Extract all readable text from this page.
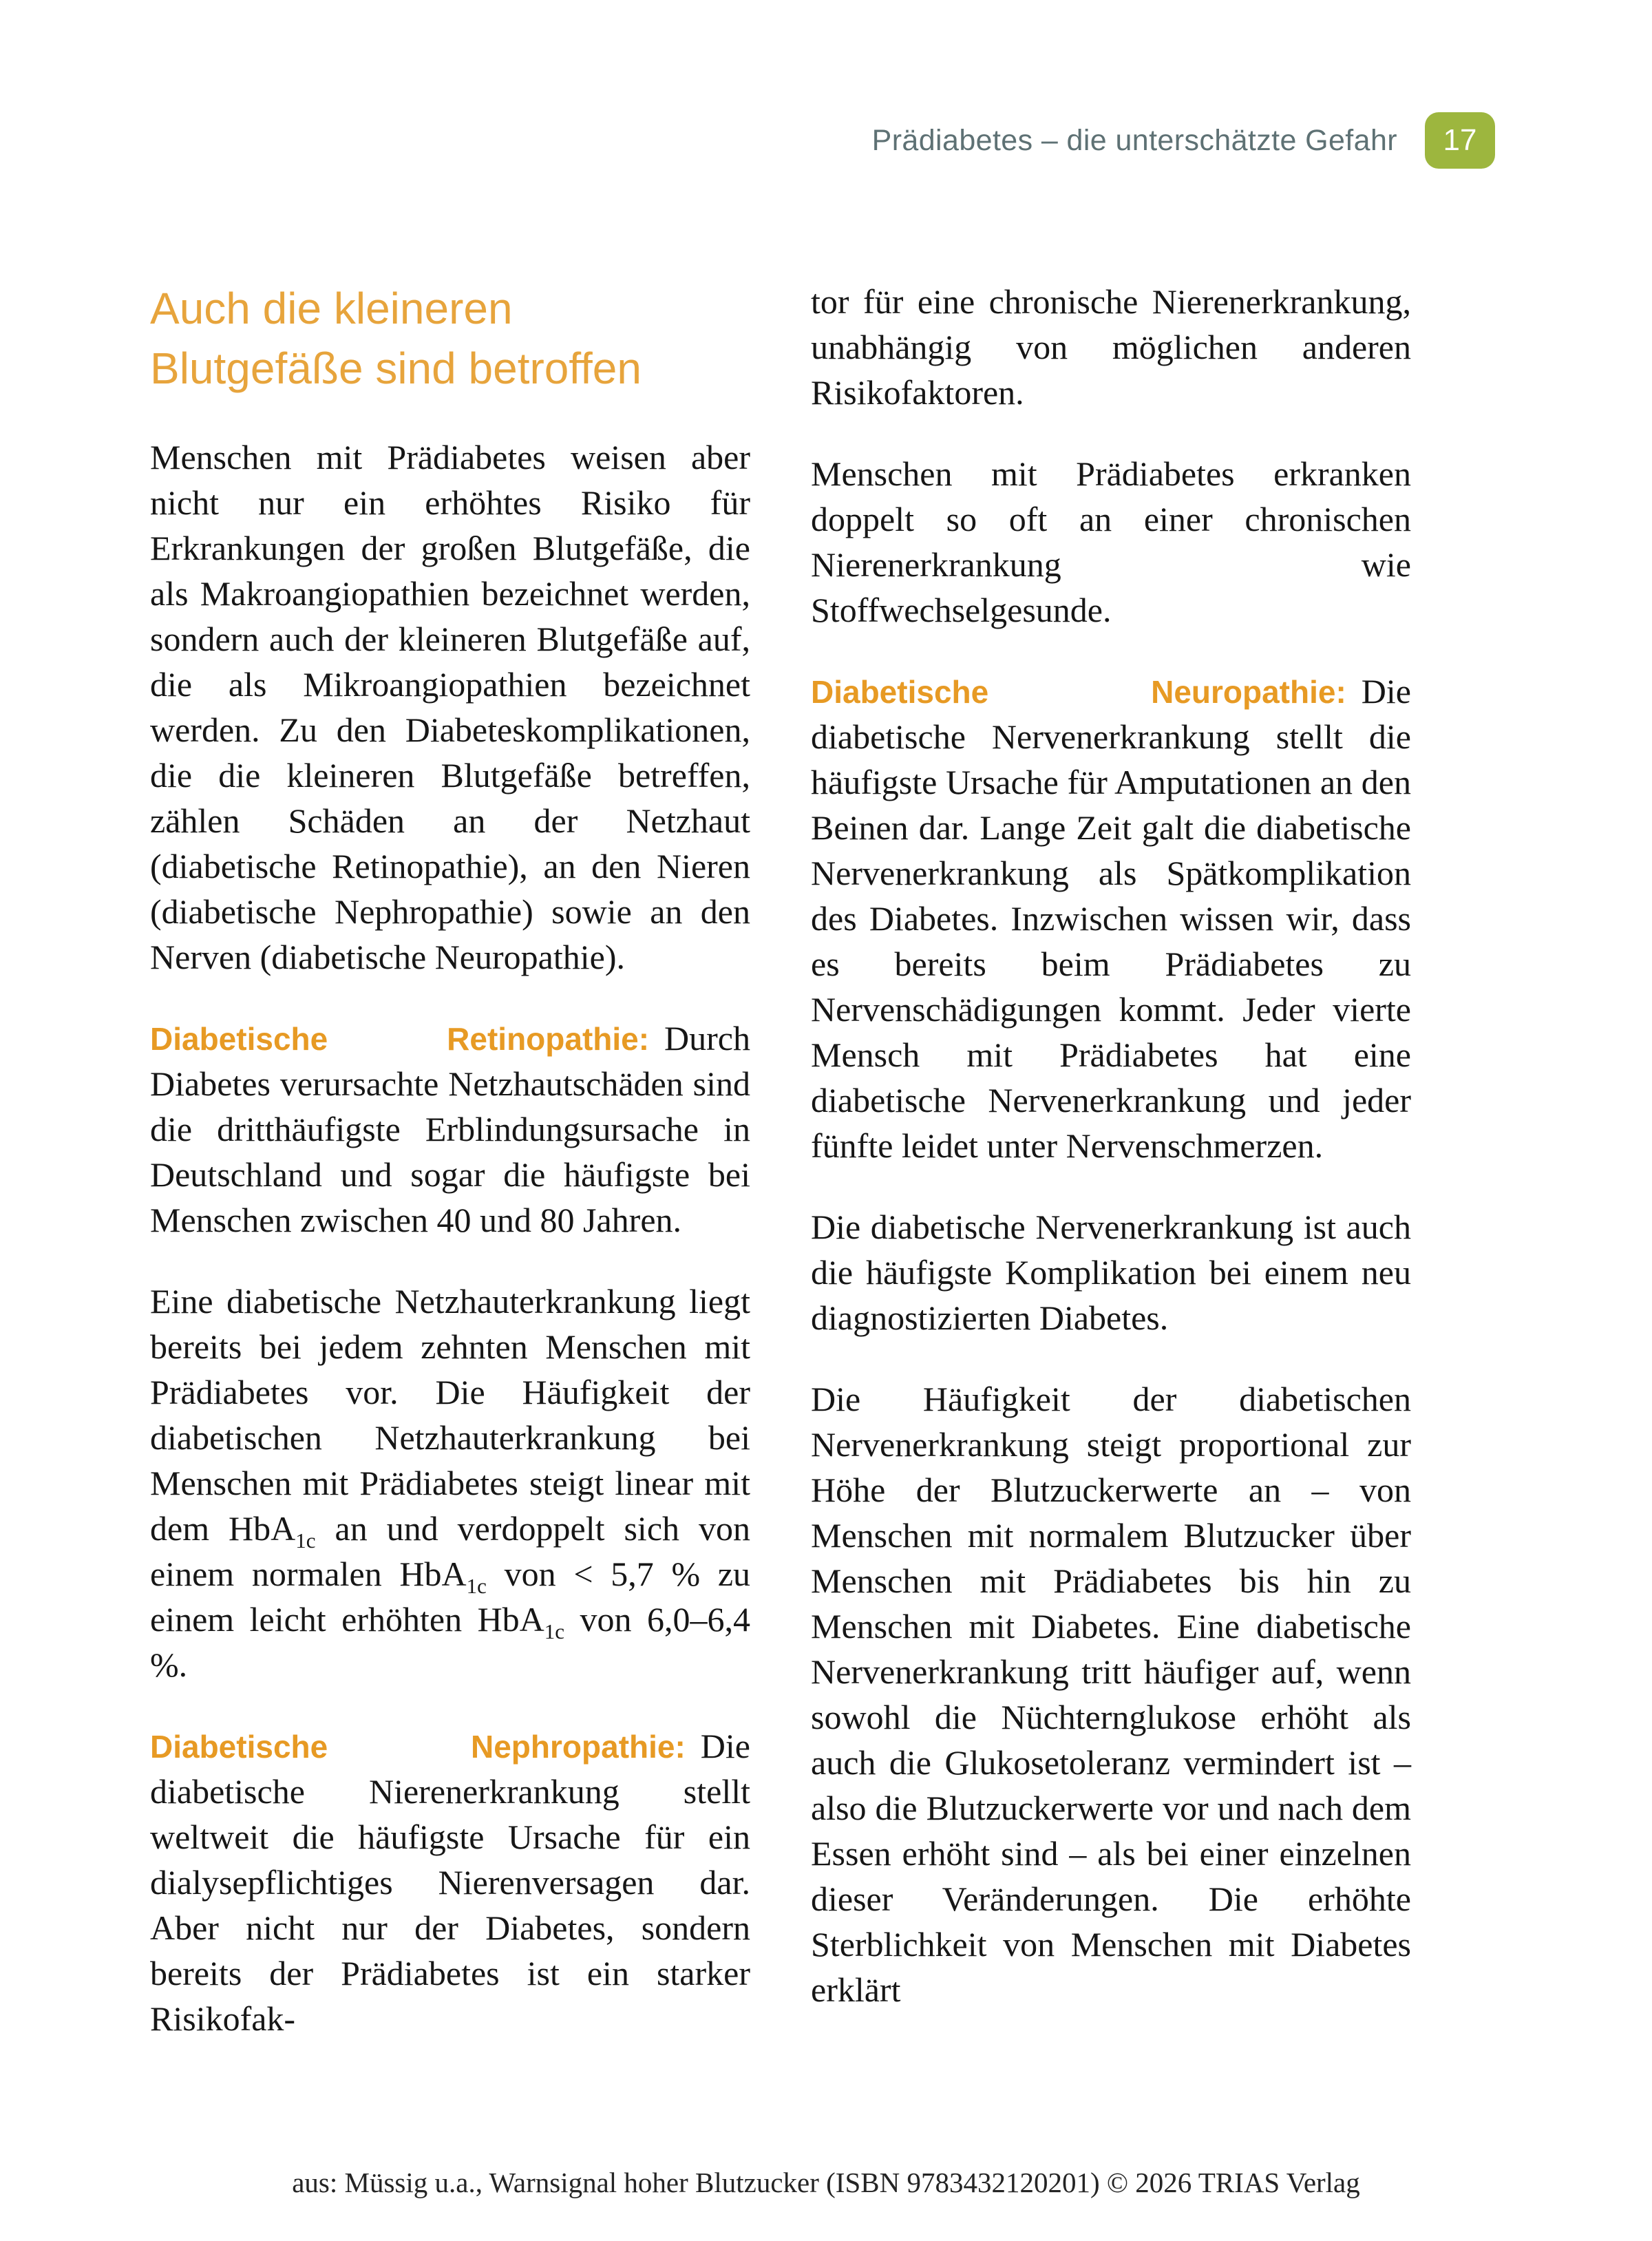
Prädiabetes – die unterschätzte Gefahr 17
Auch die kleineren
Blutgefäße sind betroffen

Menschen mit Prädiabetes weisen aber nicht nur ein erhöhtes Risiko für Erkrankungen der großen Blutgefäße, die als Makroangiopathien bezeichnet werden, sondern auch der kleineren Blutgefäße auf, die als Mikroangiopathien bezeichnet werden. Zu den Diabeteskomplikationen, die die kleineren Blutgefäße betreffen, zählen Schäden an der Netzhaut (diabetische Retinopathie), an den Nieren (diabetische Nephropathie) sowie an den Nerven (diabetische Neuropathie).

Diabetische Retinopathie: Durch Diabetes verursachte Netzhautschäden sind die dritthäufigste Erblindungsursache in Deutschland und sogar die häufigste bei Menschen zwischen 40 und 80 Jahren.

Eine diabetische Netzhauterkrankung liegt bereits bei jedem zehnten Menschen mit Prädiabetes vor. Die Häufigkeit der diabetischen Netzhauterkrankung bei Menschen mit Prädiabetes steigt linear mit dem HbA$_{1c}$ an und verdoppelt sich von einem normalen HbA$_{1c}$ von < 5,7 % zu einem leicht erhöhten HbA$_{1c}$ von 6,0–6,4 %.

Diabetische Nephropathie: Die diabetische Nierenerkrankung stellt weltweit die häufigste Ursache für ein dialysepflichtiges Nierenversagen dar. Aber nicht nur der Diabetes, sondern bereits der Prädiabetes ist ein starker Risikofak-

tor für eine chronische Nierenerkrankung, unabhängig von möglichen anderen Risikofaktoren.

Menschen mit Prädiabetes erkranken doppelt so oft an einer chronischen Nierenerkrankung wie Stoffwechselgesunde.

Diabetische Neuropathie: Die diabetische Nervenerkrankung stellt die häufigste Ursache für Amputationen an den Beinen dar. Lange Zeit galt die diabetische Nervenerkrankung als Spätkomplikation des Diabetes. Inzwischen wissen wir, dass es bereits beim Prädiabetes zu Nervenschädigungen kommt. Jeder vierte Mensch mit Prädiabetes hat eine diabetische Nervenerkrankung und jeder fünfte leidet unter Nervenschmerzen.

Die diabetische Nervenerkrankung ist auch die häufigste Komplikation bei einem neu diagnostizierten Diabetes.

Die Häufigkeit der diabetischen Nervenerkrankung steigt proportional zur Höhe der Blutzuckerwerte an – von Menschen mit normalem Blutzucker über Menschen mit Prädiabetes bis hin zu Menschen mit Diabetes. Eine diabetische Nervenerkrankung tritt häufiger auf, wenn sowohl die Nüchternglukose erhöht als auch die Glukosetoleranz vermindert ist – also die Blutzuckerwerte vor und nach dem Essen erhöht sind – als bei einer einzelnen dieser Veränderungen. Die erhöhte Sterblichkeit von Menschen mit Diabetes erklärt

aus: Müssig u.a., Warnsignal hoher Blutzucker (ISBN 9783432120201) © 2026 TRIAS Verlag
